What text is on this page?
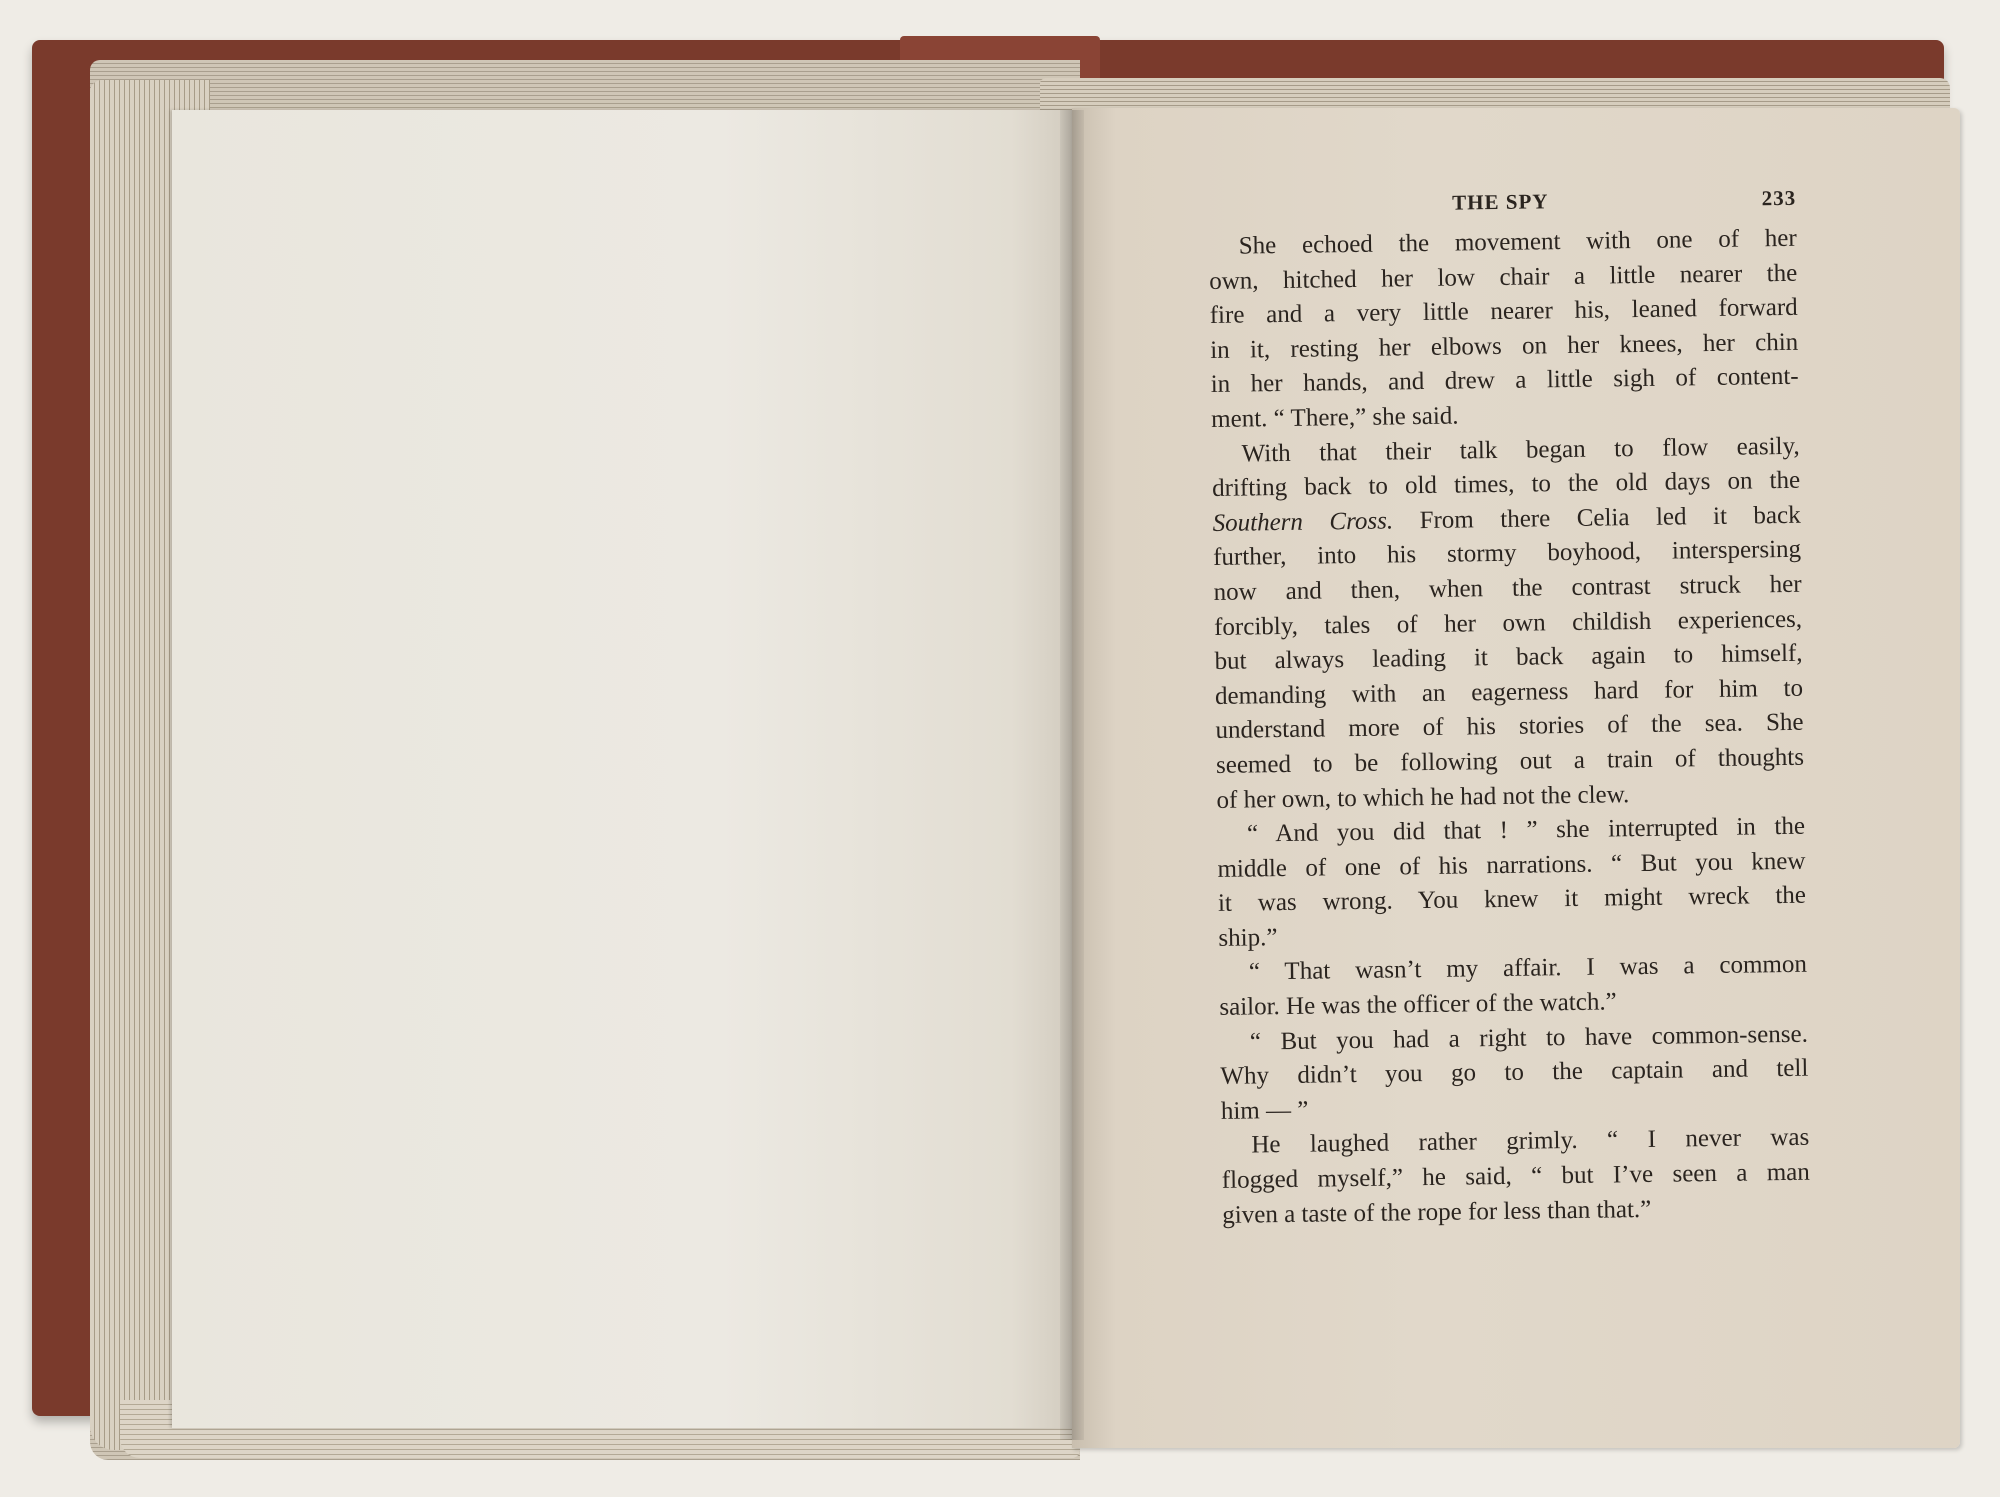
THE SPY	233
She echoed the movement with one of her
own, hitched her low chair a little nearer the
fire and a very little nearer his, leaned forward
in it, resting her elbows on her knees, her chin
in her hands, and drew a little sigh of content-
ment. “ There,” she said.
With that their talk began to flow easily,
drifting back to old times, to the old days on the
Southern Cross. From there Celia led it back
further, into his stormy boyhood, interspersing
now and then, when the contrast struck her
forcibly, tales of her own childish experiences,
but always leading it back again to himself,
demanding with an eagerness hard for him to
understand more of his stories of the sea. She
seemed to be following out a train of thoughts
of her own, to which he had not the clew.
“ And you did that ! ” she interrupted in the
middle of one of his narrations. “ But you knew
it was wrong. You knew it might wreck the
ship.”
“ That wasn’t my affair. I was a common
sailor. He was the officer of the watch.”
“ But you had a right to have common-sense.
Why didn’t you go to the captain and tell
him — ”
He laughed rather grimly. “ I never was
flogged myself,” he said, “ but I’ve seen a man
given a taste of the rope for less than that.”
